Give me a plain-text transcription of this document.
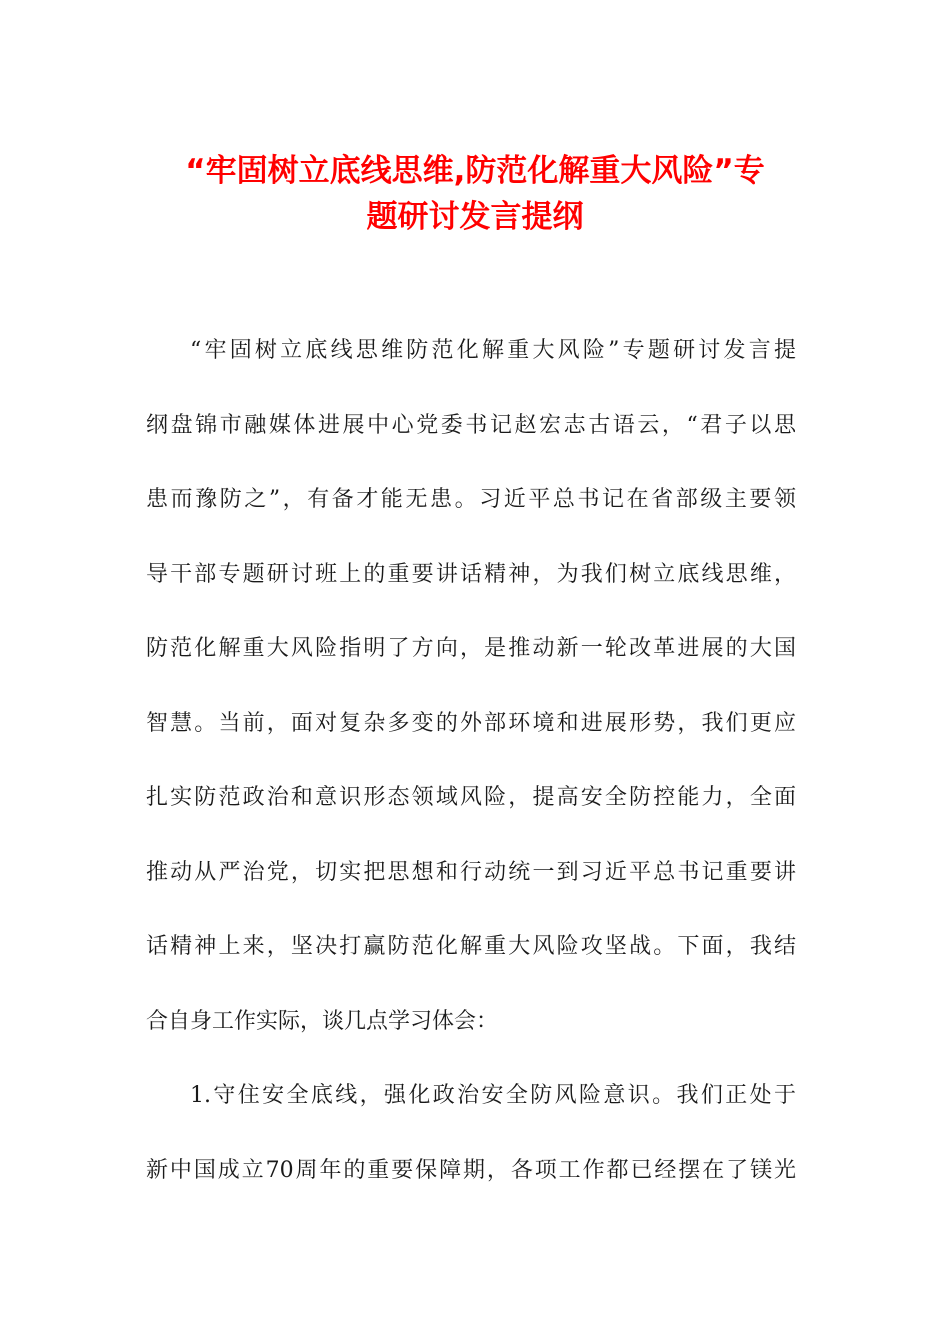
“牢固树立底线思维,防范化解重大风险”专
题研讨发言提纲
“牢固树立底线思维防范化解重大风险”专题研讨发言提
纲盘锦市融媒体进展中心党委书记赵宏志古语云，“君子以思
患而豫防之”，有备才能无患。习近平总书记在省部级主要领
导干部专题研讨班上的重要讲话精神，为我们树立底线思维，
防范化解重大风险指明了方向，是推动新一轮改革进展的大国
智慧。当前，面对复杂多变的外部环境和进展形势，我们更应
扎实防范政治和意识形态领域风险，提高安全防控能力，全面
推动从严治党，切实把思想和行动统一到习近平总书记重要讲
话精神上来，坚决打赢防范化解重大风险攻坚战。下面，我结
合自身工作实际，谈几点学习体会：
1.守住安全底线，强化政治安全防风险意识。我们正处于
新中国成立70周年的重要保障期，各项工作都已经摆在了镁光
